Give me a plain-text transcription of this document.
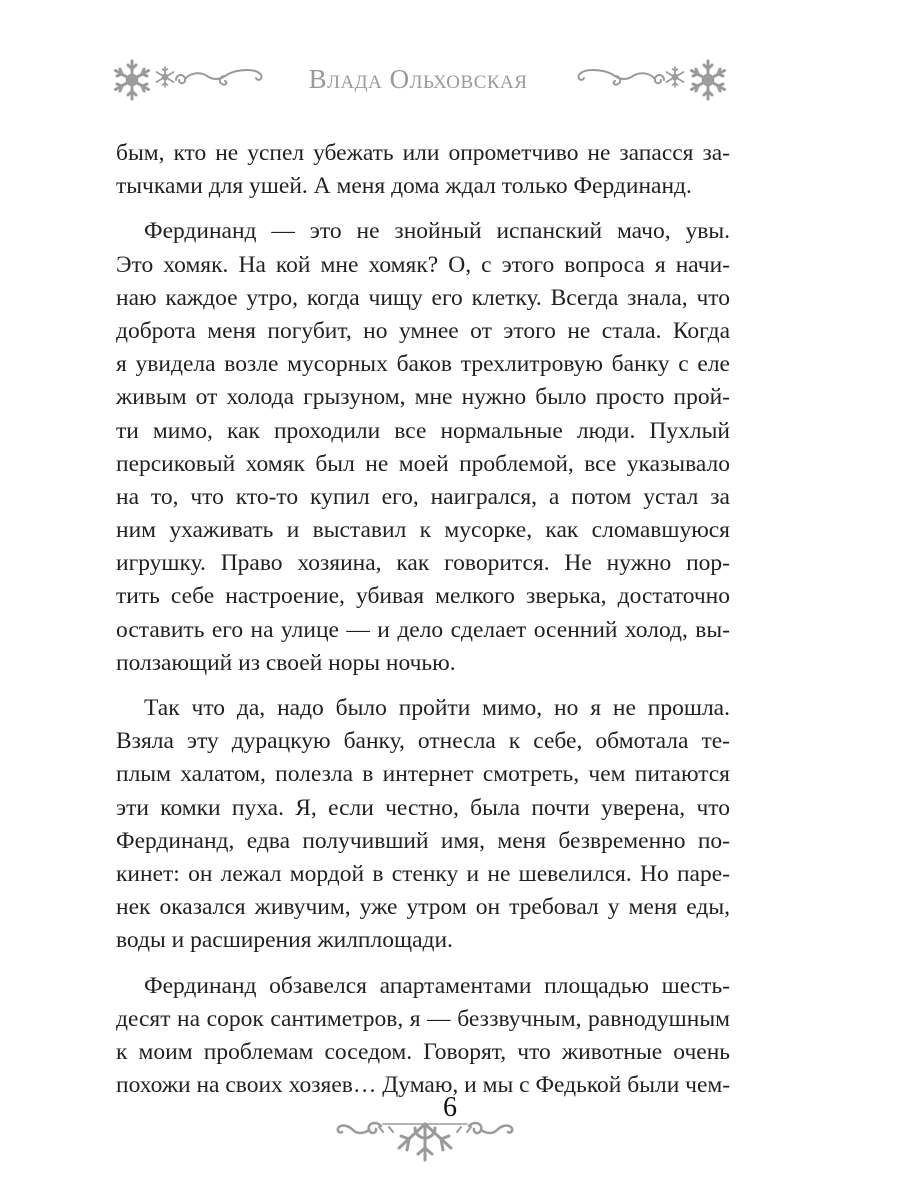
Влада Ольховская
бым, кто не успел убежать или опрометчиво не запасся за-
тычками для ушей. А меня дома ждал только Фердинанд.
Фердинанд — это не знойный испанский мачо, увы.
Это хомяк. На кой мне хомяк? О, с этого вопроса я начи-
наю каждое утро, когда чищу его клетку. Всегда знала, что
доброта меня погубит, но умнее от этого не стала. Когда
я увидела возле мусорных баков трехлитровую банку с еле
живым от холода грызуном, мне нужно было просто прой-
ти мимо, как проходили все нормальные люди. Пухлый
персиковый хомяк был не моей проблемой, все указывало
на то, что кто-то купил его, наигрался, а потом устал за
ним ухаживать и выставил к мусорке, как сломавшуюся
игрушку. Право хозяина, как говорится. Не нужно пор-
тить себе настроение, убивая мелкого зверька, достаточно
оставить его на улице — и дело сделает осенний холод, вы-
ползающий из своей норы ночью.
Так что да, надо было пройти мимо, но я не прошла.
Взяла эту дурацкую банку, отнесла к себе, обмотала те-
плым халатом, полезла в интернет смотреть, чем питаются
эти комки пуха. Я, если честно, была почти уверена, что
Фердинанд, едва получивший имя, меня безвременно по-
кинет: он лежал мордой в стенку и не шевелился. Но паре-
нек оказался живучим, уже утром он требовал у меня еды,
воды и расширения жилплощади.
Фердинанд обзавелся апартаментами площадью шесть-
десят на сорок сантиметров, я — беззвучным, равнодушным
к моим проблемам соседом. Говорят, что животные очень
похожи на своих хозяев… Думаю, и мы с Федькой были чем-
6
